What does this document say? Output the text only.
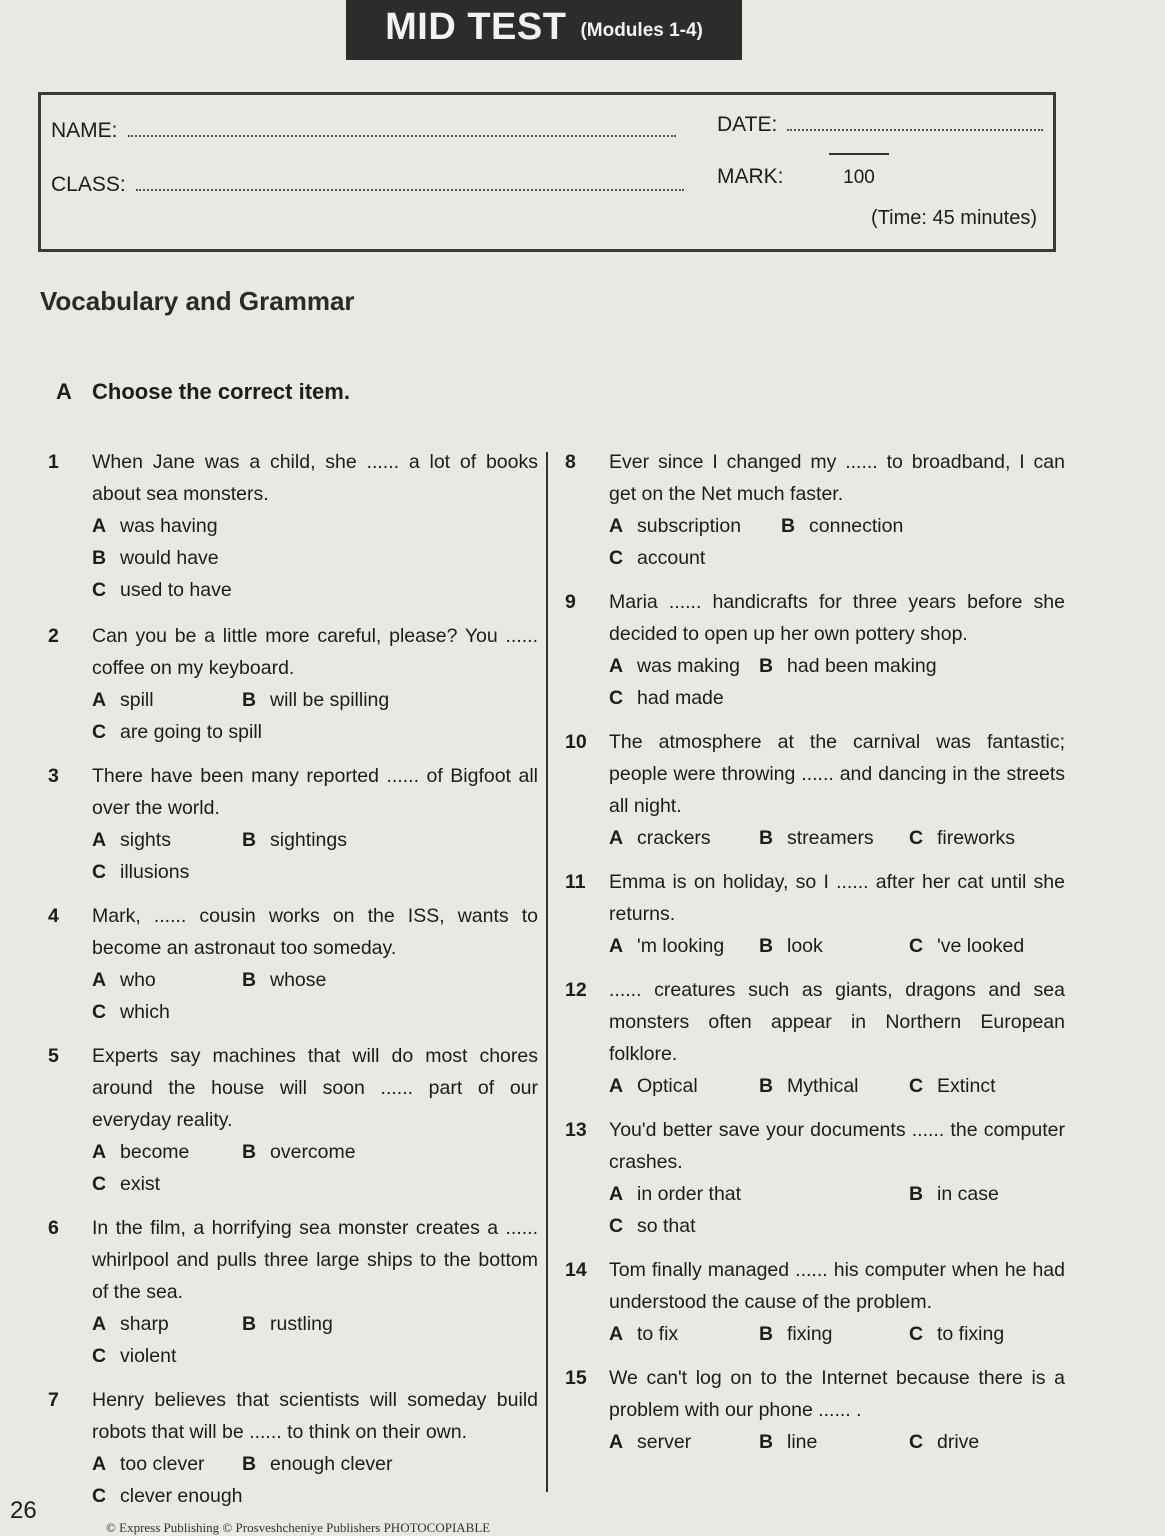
MID TEST (Modules 1-4)
NAME:	DATE:
CLASS:	MARK:	100
(Time: 45 minutes)
Vocabulary and Grammar
A Choose the correct item.
1	When Jane was a child, she ...... a lot of books about sea monsters.
A was having
B would have
C used to have
2	Can you be a little more careful, please? You ...... coffee on my keyboard.
A spill	B will be spilling
C are going to spill
3	There have been many reported ...... of Bigfoot all over the world.
A sights	B sightings
C illusions
4	Mark, ...... cousin works on the ISS, wants to become an astronaut too someday.
A who	B whose
C which
5	Experts say machines that will do most chores around the house will soon ...... part of our everyday reality.
A become	B overcome
C exist
6	In the film, a horrifying sea monster creates a ...... whirlpool and pulls three large ships to the bottom of the sea.
A sharp	B rustling
C violent
7	Henry believes that scientists will someday build robots that will be ...... to think on their own.
A too clever	B enough clever
C clever enough
8	Ever since I changed my ...... to broadband, I can get on the Net much faster.
A subscription	B connection
C account
9	Maria ...... handicrafts for three years before she decided to open up her own pottery shop.
A was making B had been making
C had made
10	The atmosphere at the carnival was fantastic; people were throwing ...... and dancing in the streets all night.
A crackers	B streamers	C fireworks
11	Emma is on holiday, so I ...... after her cat until she returns.
A 'm looking	B look	C 've looked
12	...... creatures such as giants, dragons and sea monsters often appear in Northern European folklore.
A Optical	B Mythical	C Extinct
13	You'd better save your documents ...... the computer crashes.
A in order that	B in case
C so that
14	Tom finally managed ...... his computer when he had understood the cause of the problem.
A to fix	B fixing	C to fixing
15	We can't log on to the Internet because there is a problem with our phone ...... .
A server	B line	C drive
26
© Express Publishing © Prosveshcheniye Publishers PHOTOCOPIABLE
